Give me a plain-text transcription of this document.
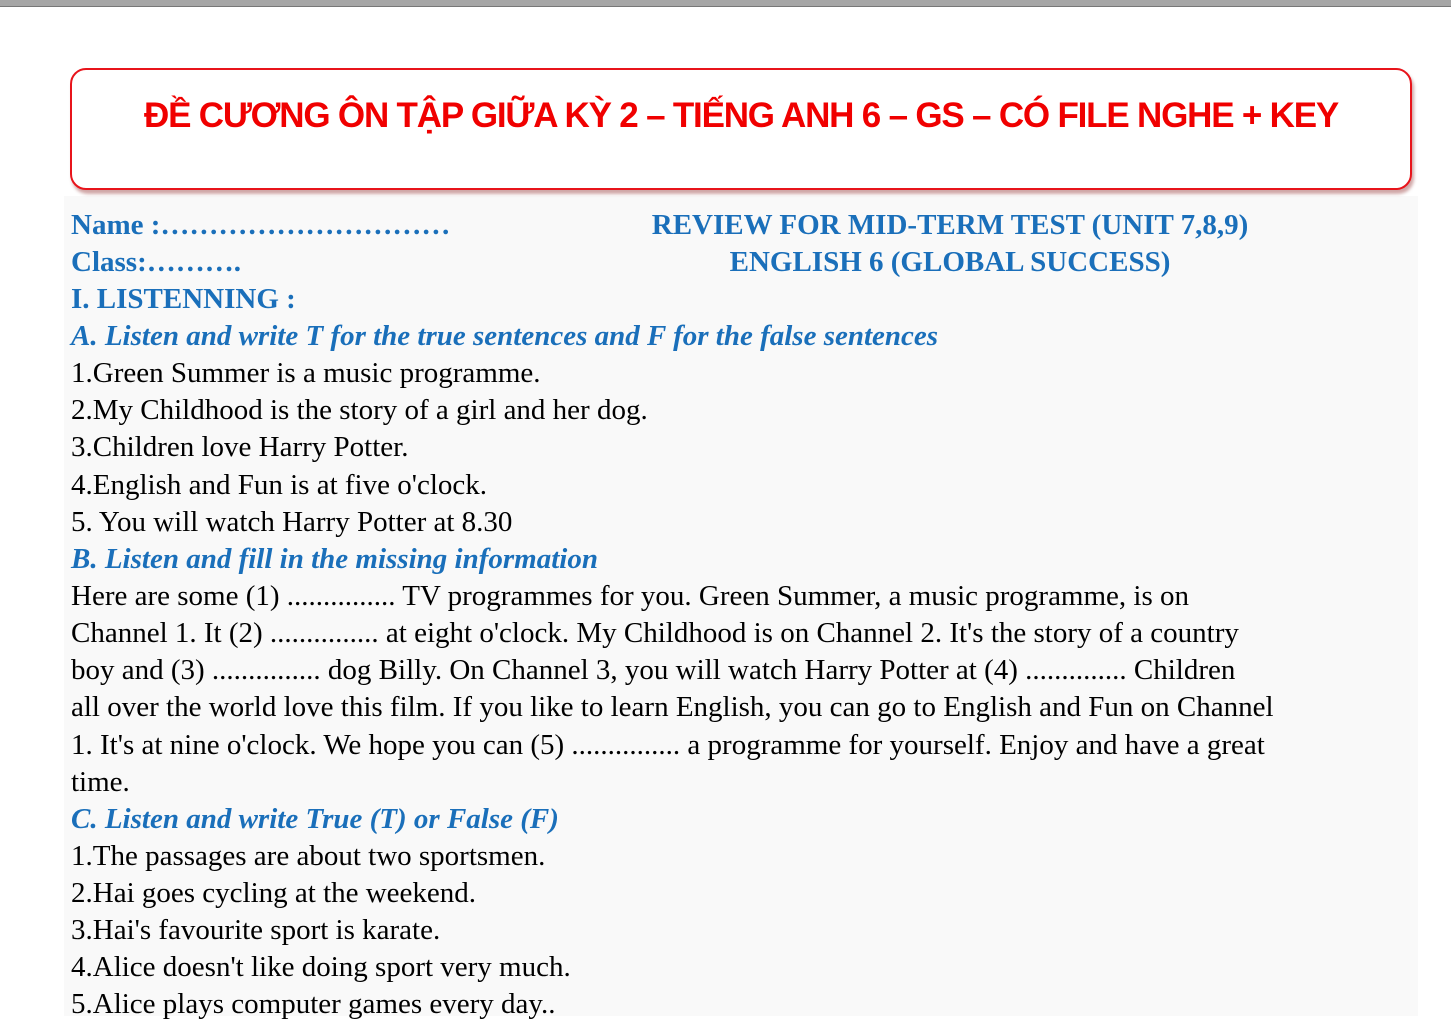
ĐỀ CƯƠNG ÔN TẬP GIỮA KỲ 2 – TIẾNG ANH 6 – GS – CÓ FILE NGHE + KEY
Name :…………………………	REVIEW FOR MID-TERM TEST (UNIT 7,8,9)
Class:……….	ENGLISH 6 (GLOBAL SUCCESS)
I. LISTENNING :
A. Listen and write T for the true sentences and F for the false sentences
1.Green Summer is a music programme.
2.My Childhood is the story of a girl and her dog.
3.Children love Harry Potter.
4.English and Fun is at five o'clock.
5. You will watch Harry Potter at 8.30
B. Listen and fill in the missing information
Here are some (1) ............... TV programmes for you. Green Summer, a music programme, is on
Channel 1. It (2) ............... at eight o'clock. My Childhood is on Channel 2. It's the story of a country
boy and (3) ............... dog Billy. On Channel 3, you will watch Harry Potter at (4) .............. Children
all over the world love this film. If you like to learn English, you can go to English and Fun on Channel
1. It's at nine o'clock. We hope you can (5) ............... a programme for yourself. Enjoy and have a great
time.
C. Listen and write True (T) or False (F)
1.The passages are about two sportsmen.
2.Hai goes cycling at the weekend.
3.Hai's favourite sport is karate.
4.Alice doesn't like doing sport very much.
5.Alice plays computer games every day..
